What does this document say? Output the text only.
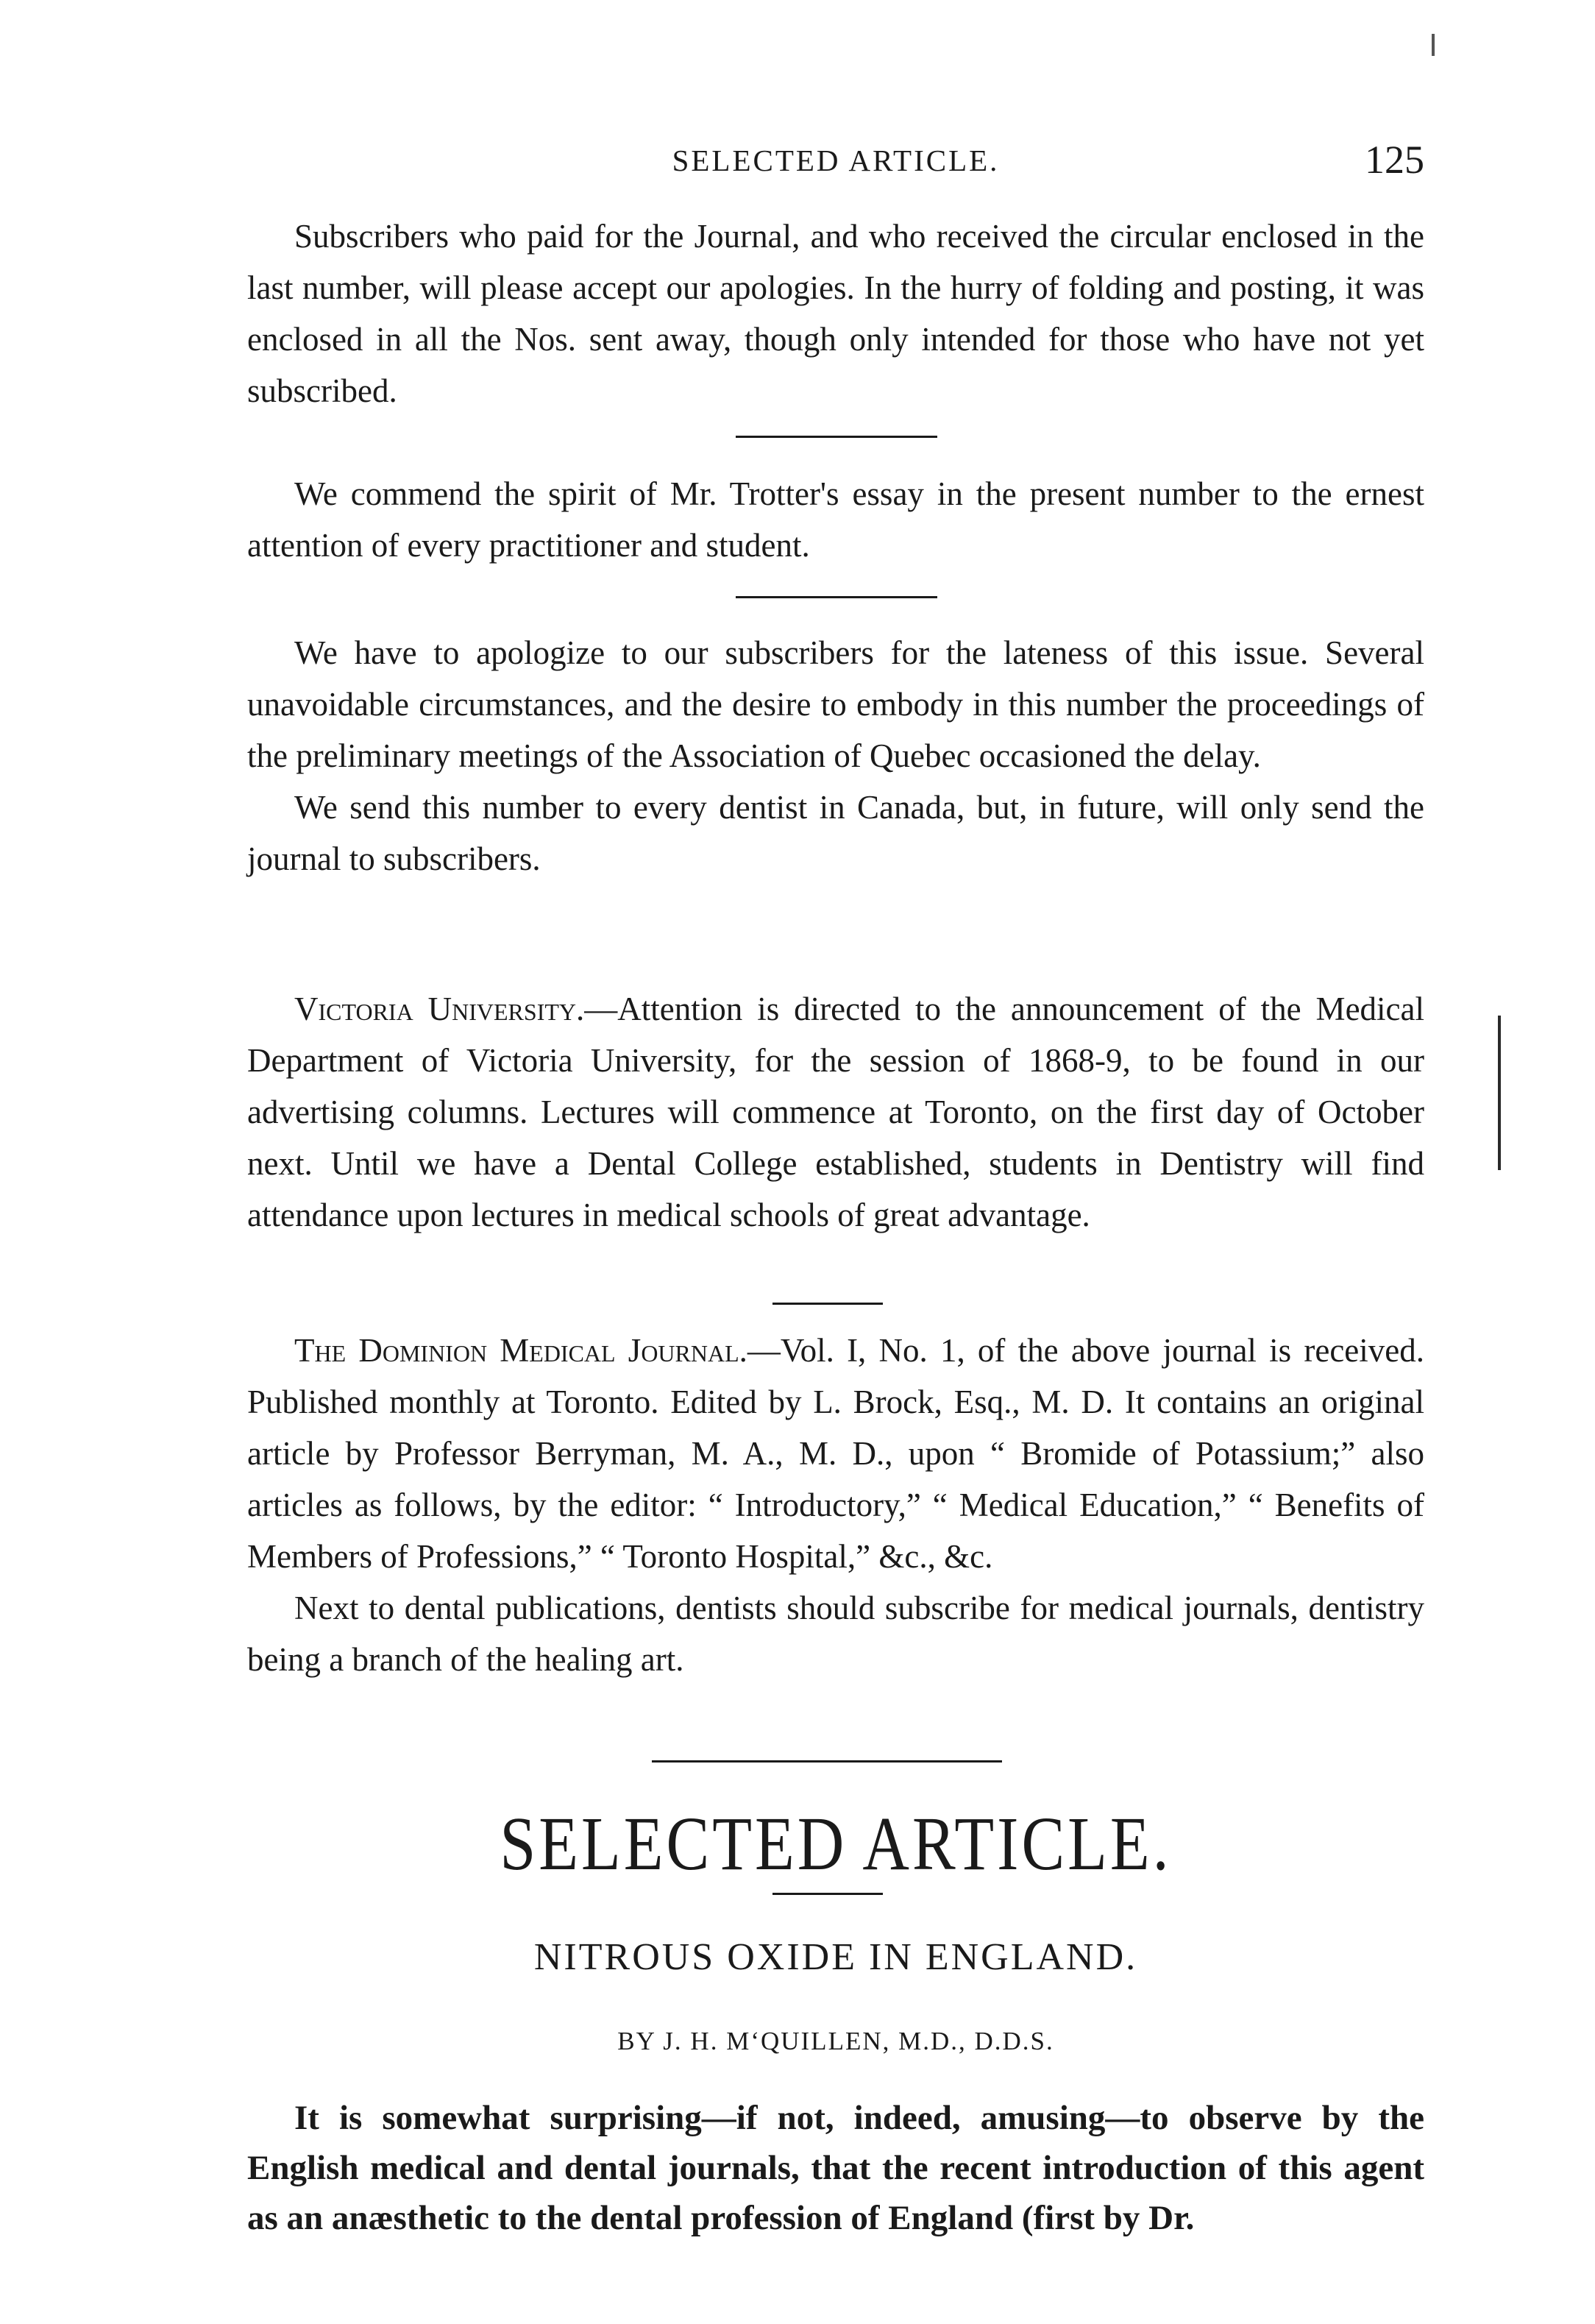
SELECTED ARTICLE.	125

Subscribers who paid for the Journal, and who received the circular enclosed in the last number, will please accept our apologies. In the hurry of folding and posting, it was enclosed in all the Nos. sent away, though only intended for those who have not yet subscribed.

We commend the spirit of Mr. Trotter's essay in the present number to the ernest attention of every practitioner and student.

We have to apologize to our subscribers for the lateness of this issue. Several unavoidable circumstances, and the desire to embody in this number the proceedings of the preliminary meetings of the Association of Quebec occasioned the delay.

We send this number to every dentist in Canada, but, in future, will only send the journal to subscribers.

Victoria University.—Attention is directed to the announcement of the Medical Department of Victoria University, for the session of 1868-9, to be found in our advertising columns. Lectures will commence at Toronto, on the first day of October next. Until we have a Dental College established, students in Dentistry will find attendance upon lectures in medical schools of great advantage.

The Dominion Medical Journal.—Vol. I, No. 1, of the above journal is received. Published monthly at Toronto. Edited by L. Brock, Esq., M. D. It contains an original article by Professor Berryman, M. A., M. D., upon “ Bromide of Potassium;” also articles as follows, by the editor: “ Introductory,” “ Medical Education,” “ Benefits of Members of Professions,” “ Toronto Hospital,” &c., &c.

Next to dental publications, dentists should subscribe for medical journals, dentistry being a branch of the healing art.

SELECTED ARTICLE.
NITROUS OXIDE IN ENGLAND.
BY J. H. M‘QUILLEN, M.D., D.D.S.

It is somewhat surprising—if not, indeed, amusing—to observe by the English medical and dental journals, that the recent introduction of this agent as an anæsthetic to the dental profession of England (first by Dr.
